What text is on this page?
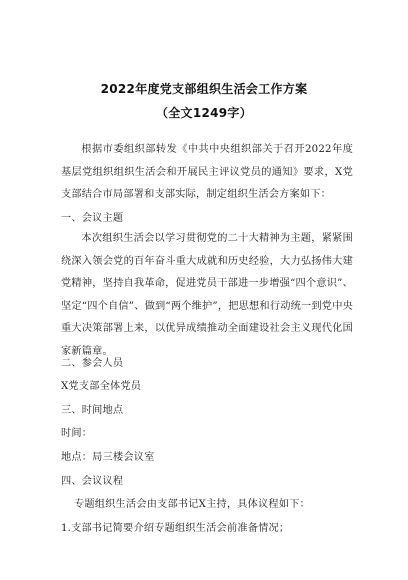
2022年度党支部组织生活会工作方案
（全文1249字）
根据市委组织部转发《中共中央组织部关于召开2022年度基层党组织组织生活会和开展民主评议党员的通知》要求，X党支部结合市局部署和支部实际，制定组织生活会方案如下：
一、会议主题
本次组织生活会以学习贯彻党的二十大精神为主题，紧紧围绕深入领会党的百年奋斗重大成就和历史经验，大力弘扬伟大建党精神，坚持自我革命，促进党员干部进一步增强“四个意识”、坚定“四个自信”、做到“两个维护”，把思想和行动统一到党中央重大决策部署上来，以优异成绩推动全面建设社会主义现代化国家新篇章。
二、参会人员
X党支部全体党员
三、时间地点
时间：
地点：局三楼会议室
四、会议议程
专题组织生活会由支部书记X主持，具体议程如下：
1.支部书记简要介绍专题组织生活会前准备情况；
